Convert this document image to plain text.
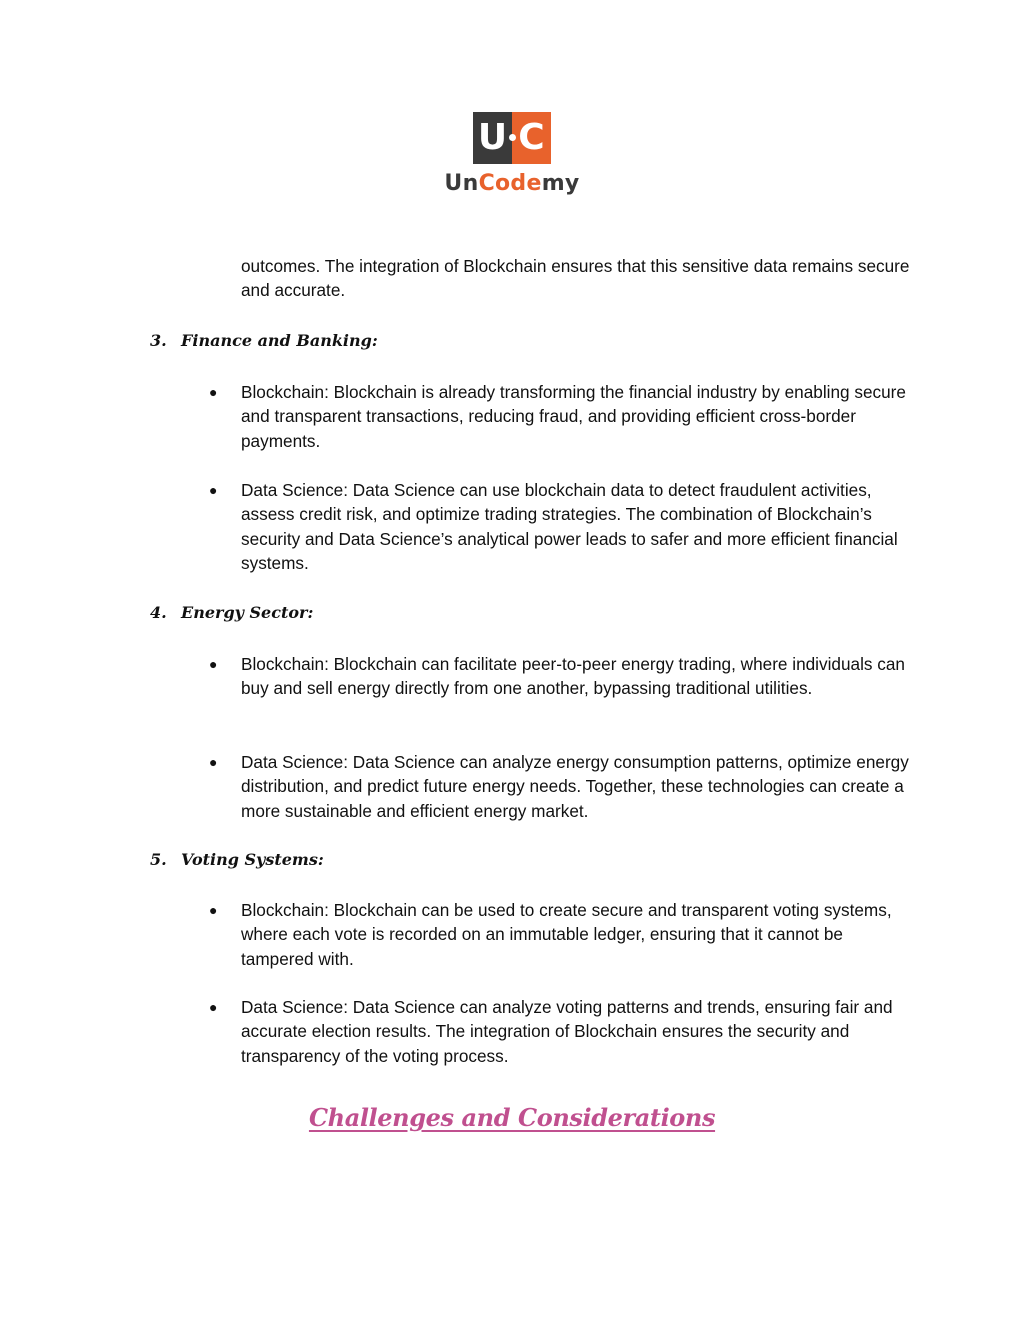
U C
UnCodemy

outcomes. The integration of Blockchain ensures that this sensitive data remains secure and accurate.

3. Finance and Banking:
● Blockchain: Blockchain is already transforming the financial industry by enabling secure and transparent transactions, reducing fraud, and providing efficient cross-border payments.

● Data Science: Data Science can use blockchain data to detect fraudulent activities, assess credit risk, and optimize trading strategies. The combination of Blockchain’s security and Data Science’s analytical power leads to safer and more efficient financial systems.

4. Energy Sector:
● Blockchain: Blockchain can facilitate peer-to-peer energy trading, where individuals can buy and sell energy directly from one another, bypassing traditional utilities.

● Data Science: Data Science can analyze energy consumption patterns, optimize energy distribution, and predict future energy needs. Together, these technologies can create a more sustainable and efficient energy market.

5. Voting Systems:
● Blockchain: Blockchain can be used to create secure and transparent voting systems, where each vote is recorded on an immutable ledger, ensuring that it cannot be tampered with.

● Data Science: Data Science can analyze voting patterns and trends, ensuring fair and accurate election results. The integration of Blockchain ensures the security and transparency of the voting process.

Challenges and Considerations
